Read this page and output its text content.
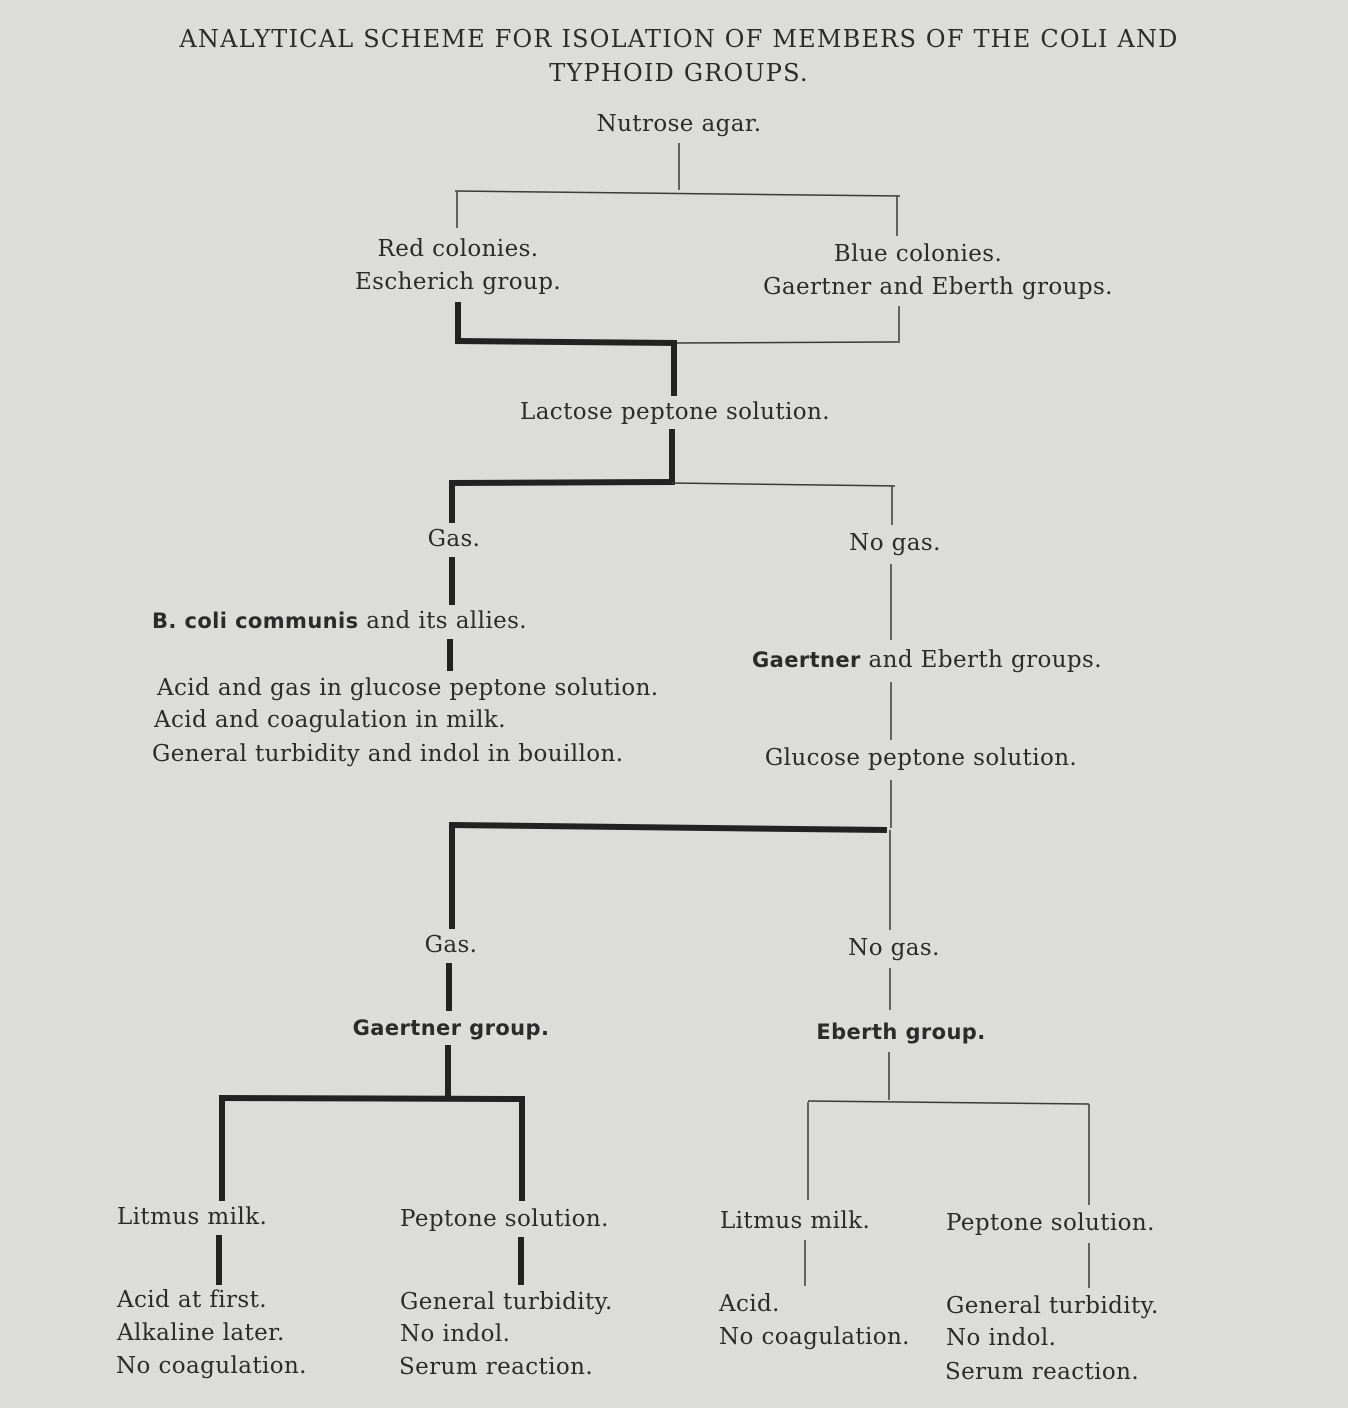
ANALYTICAL SCHEME FOR ISOLATION OF MEMBERS OF THE COLI AND
TYPHOID GROUPS.
Nutrose agar.
Red colonies.
Escherich group.
Blue colonies.
Gaertner and Eberth groups.
Lactose peptone solution.
Gas.	No gas.
B. coli communis and its allies.
Acid and gas in glucose peptone solution.
Acid and coagulation in milk.
General turbidity and indol in bouillon.
Gaertner and Eberth groups.
Glucose peptone solution.
Gas.	No gas.
Gaertner group.	Eberth group.
Litmus milk.	Peptone solution.
Acid at first.
Alkaline later.
No coagulation.
General turbidity.
No indol.
Serum reaction.
Litmus milk.	Peptone solution.
Acid.
No coagulation.
General turbidity.
No indol.
Serum reaction.
